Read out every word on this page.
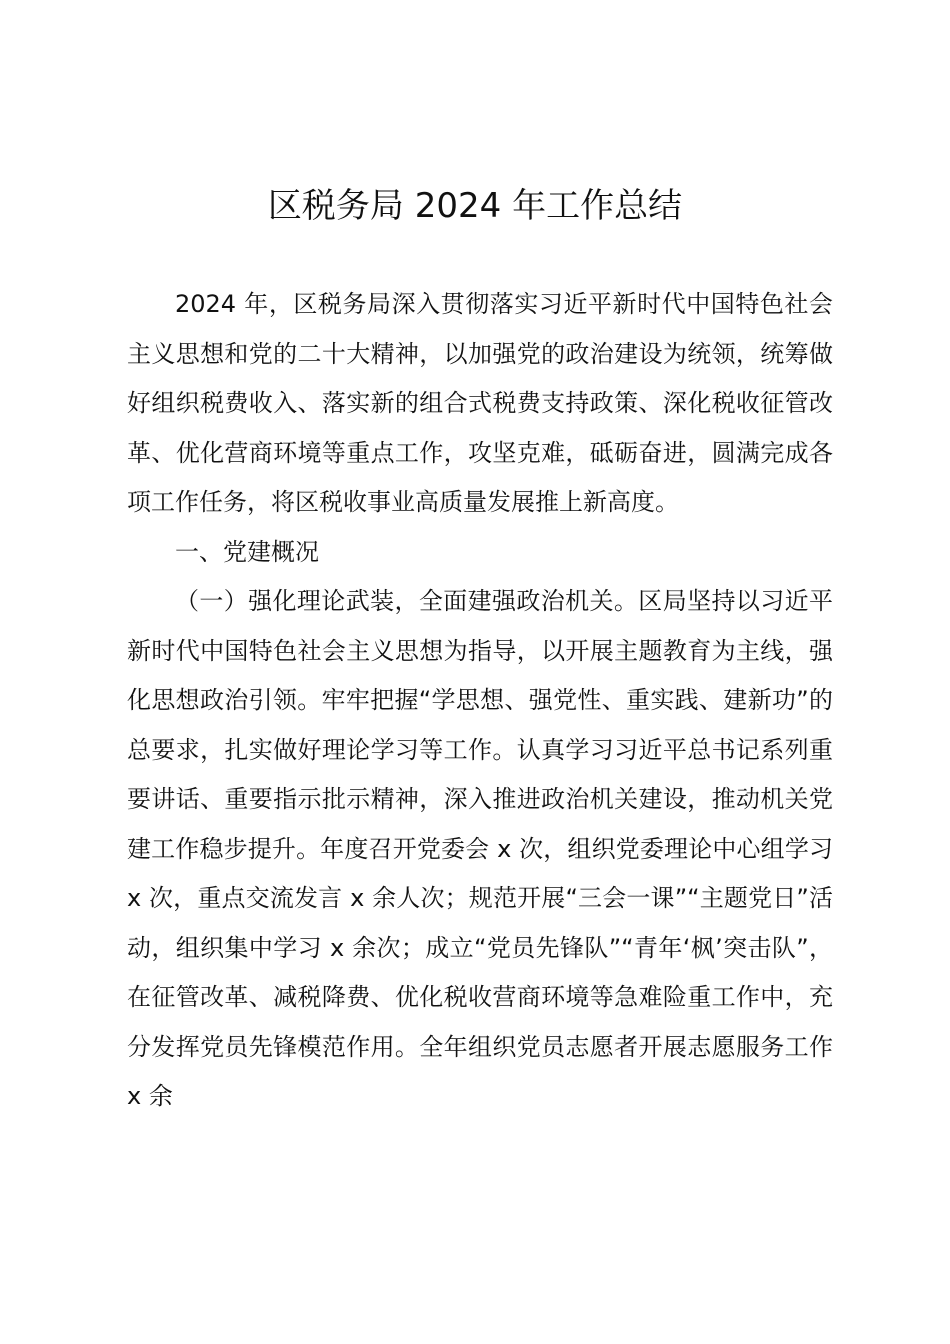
区税务局 2024 年工作总结

2024 年，区税务局深入贯彻落实习近平新时代中国特色社会主义思想和党的二十大精神，以加强党的政治建设为统领，统筹做好组织税费收入、落实新的组合式税费支持政策、深化税收征管改革、优化营商环境等重点工作，攻坚克难，砥砺奋进，圆满完成各项工作任务，将区税收事业高质量发展推上新高度。

一、党建概况

（一）强化理论武装，全面建强政治机关。区局坚持以习近平新时代中国特色社会主义思想为指导，以开展主题教育为主线，强化思想政治引领。牢牢把握“学思想、强党性、重实践、建新功”的总要求，扎实做好理论学习等工作。认真学习习近平总书记系列重要讲话、重要指示批示精神，深入推进政治机关建设，推动机关党建工作稳步提升。年度召开党委会 x 次，组织党委理论中心组学习 x 次，重点交流发言 x 余人次；规范开展“三会一课”“主题党日”活动，组织集中学习 x 余次；成立“党员先锋队”“青年‘枫’突击队”，在征管改革、减税降费、优化税收营商环境等急难险重工作中，充分发挥党员先锋模范作用。全年组织党员志愿者开展志愿服务工作 x 余
